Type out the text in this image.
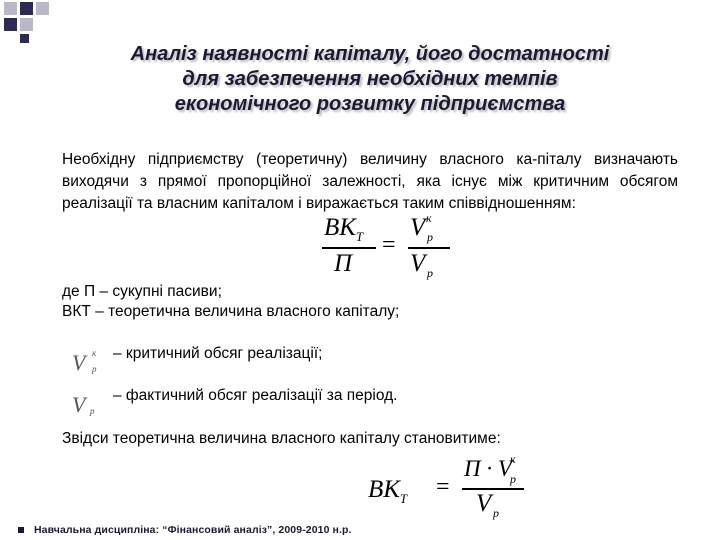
Аналіз наявності капіталу, його достатності
для забезпечення необхідних темпів
економічного розвитку підприємства
Необхідну підприємству (теоретичну) величину власного ка-піталу визначають виходячи з прямої пропорційної залежності, яка існує між критичним обсягом реалізації та власним капіталом і виражається таким співвідношенням:
$ВК_Т$
П
=
V к
р
V р
де П – сукупні пасиви;
ВКТ – теоретична величина власного капіталу;
V к
р
– критичний обсяг реалізації;
V р
– фактичний обсяг реалізації за період.
Звідси теоретична величина власного капіталу становитиме:
$ВК_Т$ =
П · V
к
р
V р
Навчальна дисципліна: “Фінансовий аналіз”, 2009-2010 н.р.
